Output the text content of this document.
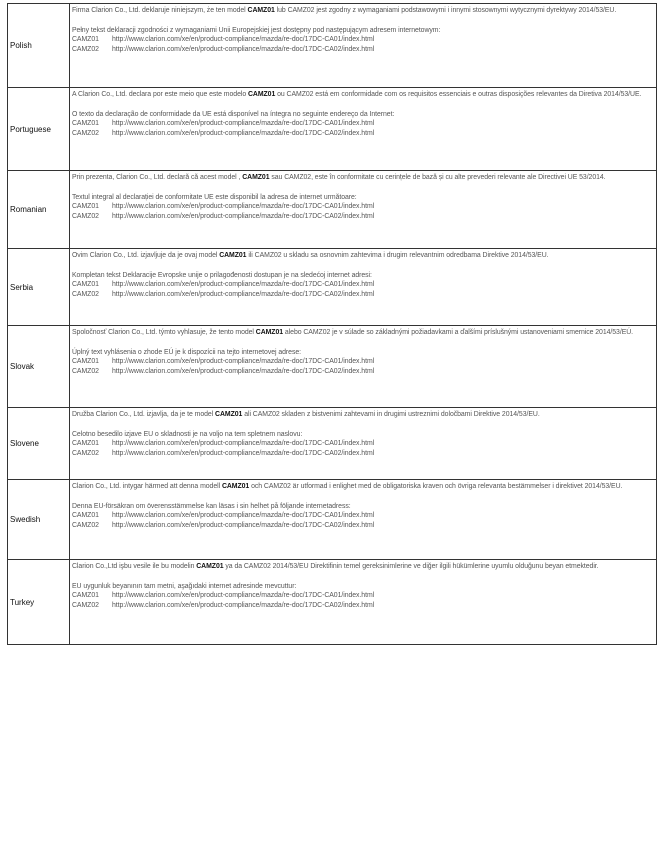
Polish	Firma Clarion Co., Ltd. deklaruje niniejszym, że ten model CAMZ01 lub CAMZ02 jest zgodny z wymaganiami podstawowymi i innymi stosownymi wytycznymi dyrektywy 2014/53/EU.

Pełny tekst deklaracji zgodności z wymaganiami Unii Europejskiej jest dostępny pod następującym adresem internetowym:

CAMZ01 http://www.clarion.com/xe/en/product-compliance/mazda/re-doc/17DC-CA01/index.html
CAMZ02 http://www.clarion.com/xe/en/product-compliance/mazda/re-doc/17DC-CA02/index.html

Portuguese	A Clarion Co., Ltd. declara por este meio que este modelo CAMZ01 ou CAMZ02 está em conformidade com os requisitos essenciais e outras disposições relevantes da Diretiva 2014/53/UE.

O texto da declaração de conformidade da UE está disponível na íntegra no seguinte endereço da Internet:

CAMZ01 http://www.clarion.com/xe/en/product-compliance/mazda/re-doc/17DC-CA01/index.html
CAMZ02 http://www.clarion.com/xe/en/product-compliance/mazda/re-doc/17DC-CA02/index.html

Romanian	Prin prezenta, Clarion Co., Ltd. declară că acest model , CAMZ01 sau CAMZ02, este în conformitate cu cerințele de bază și cu alte prevederi relevante ale Directivei UE 53/2014.

Textul integral al declarației de conformitate UE este disponibil la adresa de internet următoare:

CAMZ01 http://www.clarion.com/xe/en/product-compliance/mazda/re-doc/17DC-CA01/index.html
CAMZ02 http://www.clarion.com/xe/en/product-compliance/mazda/re-doc/17DC-CA02/index.html

Serbia	Ovim Clarion Co., Ltd. izjavljuje da je ovaj model CAMZ01 ili CAMZ02 u skladu sa osnovnim zahtevima i drugim relevantnim odredbama Direktive 2014/53/EU.

Kompletan tekst Deklaracije Evropske unije o prilagođenosti dostupan je na sledećoj internet adresi:

CAMZ01 http://www.clarion.com/xe/en/product-compliance/mazda/re-doc/17DC-CA01/index.html
CAMZ02 http://www.clarion.com/xe/en/product-compliance/mazda/re-doc/17DC-CA02/index.html

Slovak	Spoločnosť Clarion Co., Ltd. týmto vyhlasuje, že tento model CAMZ01 alebo CAMZ02 je v súlade so základnými požiadavkami a ďalšími príslušnými ustanoveniami smernice 2014/53/EÚ.

Úplný text vyhlásenia o zhode EÚ je k dispozícii na tejto internetovej adrese:

CAMZ01 http://www.clarion.com/xe/en/product-compliance/mazda/re-doc/17DC-CA01/index.html
CAMZ02 http://www.clarion.com/xe/en/product-compliance/mazda/re-doc/17DC-CA02/index.html

Slovene	Družba Clarion Co., Ltd. izjavlja, da je te model CAMZ01 ali CAMZ02 skladen z bistvenimi zahtevami in drugimi ustreznimi določbami Direktive 2014/53/EU.

Celotno besedilo izjave EU o skladnosti je na voljo na tem spletnem naslovu:

CAMZ01 http://www.clarion.com/xe/en/product-compliance/mazda/re-doc/17DC-CA01/index.html
CAMZ02 http://www.clarion.com/xe/en/product-compliance/mazda/re-doc/17DC-CA02/index.html

Swedish	Clarion Co., Ltd. intygar härmed att denna modell CAMZ01 och CAMZ02 är utformad i enlighet med de obligatoriska kraven och övriga relevanta bestämmelser i direktivet 2014/53/EU.

Denna EU-försäkran om överensstämmelse kan läsas i sin helhet på följande internetadress:

CAMZ01 http://www.clarion.com/xe/en/product-compliance/mazda/re-doc/17DC-CA01/index.html
CAMZ02 http://www.clarion.com/xe/en/product-compliance/mazda/re-doc/17DC-CA02/index.html

Turkey	Clarion Co.,Ltd işbu vesile ile bu modelin CAMZ01 ya da CAMZ02 2014/53/EU Direktifinin temel gereksinimlerine ve diğer ilgili hükümlerine uyumlu olduğunu beyan etmektedir.

EU uygunluk beyanının tam metni, aşağıdaki internet adresinde mevcuttur:

CAMZ01 http://www.clarion.com/xe/en/product-compliance/mazda/re-doc/17DC-CA01/index.html
CAMZ02 http://www.clarion.com/xe/en/product-compliance/mazda/re-doc/17DC-CA02/index.html
